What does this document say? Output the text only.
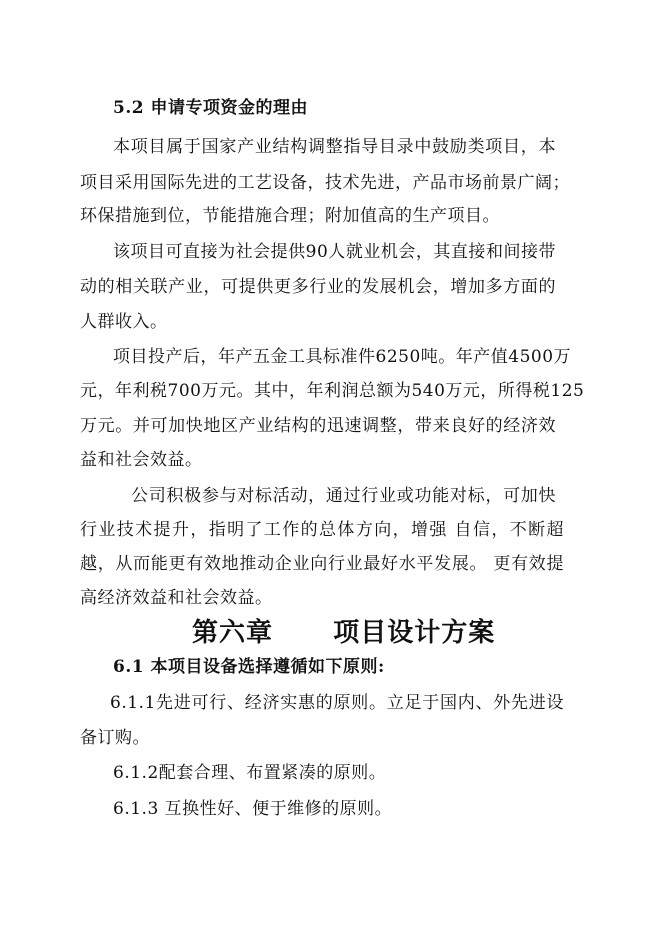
5.2 申请专项资金的理由
本项目属于国家产业结构调整指导目录中鼓励类项目，本
项目采用国际先进的工艺设备，技术先进，产品市场前景广阔；
环保措施到位，节能措施合理；附加值高的生产项目。
该项目可直接为社会提供90人就业机会，其直接和间接带
动的相关联产业，可提供更多行业的发展机会，增加多方面的
人群收入。
项目投产后，年产五金工具标准件6250吨。年产值4500万
元，年利税700万元。其中，年利润总额为540万元，所得税125
万元。并可加快地区产业结构的迅速调整，带来良好的经济效
益和社会效益。
公司积极参与对标活动，通过行业或功能对标，可加快
行业技术提升，指明了工作的总体方向，增强 自信，不断超
越，从而能更有效地推动企业向行业最好水平发展。 更有效提
高经济效益和社会效益。
第六章      项目设计方案
6.1 本项目设备选择遵循如下原则:
6.1.1先进可行、经济实惠的原则。立足于国内、外先进设
备订购。
6.1.2配套合理、布置紧凑的原则。
6.1.3 互换性好、便于维修的原则。
